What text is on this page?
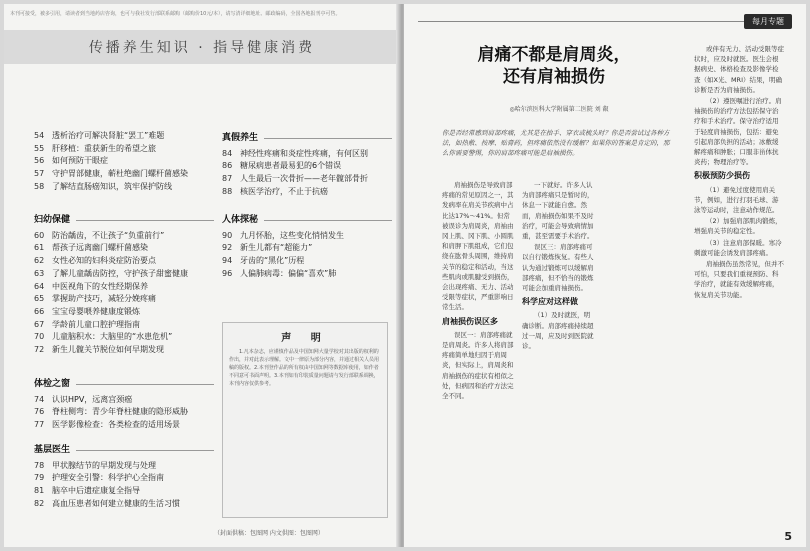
本刊可接受，被多引用，请读者到当地药店咨询，也可与我社发行部联系邮购（邮购价10元/本），请写清详细地址、邮政编码，全国各地报刊亭可售。
传播养生知识 · 指导健康消费
54 透析治疗可解决肾脏“罢工”难题
55 肝移植：重获新生的希望之旅
56 如何预防干眼症
57 守护胃部健康，蕲杜绝幽门螺杆菌感染
58 了解结直肠癌知识，筑牢保护防线
妇幼保健
60 防治龋齿，不让孩子“负重前行”
61 帮孩子远离幽门螺杆菌感染
62 女性必知的妇科炎症防治要点
63 了解儿童龋齿防控，守护孩子甜蜜健康
64 中医视角下的女性经期保养
65 掌握助产技巧，减轻分娩疼痛
66 宝宝母婴喂养健康度锻炼
67 学龄前儿童口腔护理指南
70 儿童脑积水：大脑里的“水患危机”
72 新生儿髋关节脱位如何早期发现
体检之窗
74 认识HPV，远离宫颈癌
76 脊柱侧弯：青少年脊柱健康的隐形威胁
77 医学影像检查：各类检查的适用场景
基层医生
78 甲状腺结节的早期发现与处理
79 护理安全引警：科学护心全指南
81 脑卒中后遗症康复全指导
82 高血压患者如何建立健康的生活习惯
真假养生
84 神经性疼痛和炎症性疼痛，有何区别
86 糖尿病患者最易犯的6个错误
87 人生最后一次骨折——老年髋部骨折
88 核医学治疗，不止于抗癌
人体探秘
90 九月怀胎，这些变化悄悄发生
92 新生儿都有“超能力”
94 牙齿的“黑化”历程
96 人偏肺病毒：偏偏“喜欢”肺
声 明

1.凡本杂志，应谨慎作品及中国知网大量学校对其出版的权利的作出，并对此表示理解。文中一律原为部分内容，并通过相关人员用稿的版权。2.本刊登作品的所有权由中国知网等数据库使用，如作者不同意可书面声明。3.本刊如有印装质量问题请与发行部联系调换，本刊内容仅供参考。

（封面供稿：包图网 内文供图：包图网）
每月专题
肩痛不都是肩周炎，
还有肩袖损伤
◎哈尔滨医科大学附属第二医院 刘 叡
你是否经常感到肩部疼痛，尤其是在抬手、穿衣或梳头时？你是否尝试过各种方法，如热敷、按摩、贴膏药，但疼痛依然没有缓解？如果你的答案是肯定的，那么你需要警惕，你的肩部疼痛可能是肩袖损伤。

肩袖损伤是导致肩部疼痛的常见原因之一，其发病率在肩关节疾病中占比达17%～41%。但常被误诊为肩周炎，肩袖由冈上肌、冈下肌、小圆肌和肩胛下肌组成，它们包绕在肱骨头周围，维持肩关节的稳定和活动，当这些肌肉或肌腱受到损伤，会出现疼痛、无力、活动受限等症状，严重影响日常生活。

肩袖损伤误区多

误区一：肩部疼痛就是肩周炎。许多人将肩部疼痛简单地归因于肩周炎，但实际上，肩周炎和肩袖损伤的症状有相似之处，但病因和治疗方法完全不同。

一下就好。许多人认为肩部疼痛只是暂时的，休息一下就能自愈。然而，肩袖损伤如果不及时治疗，可能会导致病情加重，甚至需要手术治疗。

误区三：肩部疼痛可以自行锻炼恢复。有些人认为通过锻炼可以缓解肩部疼痛，但不恰当的锻炼可能会加重肩袖损伤。

科学应对这样做

（1）及时就医，明确诊断。肩部疼痛持续超过一周，应及时到医院就诊。

或伴有无力、活动受限等症状时，应及时就医。医生会根据病史、体格检查及影像学检查（如X光、MRI）结果，明确诊断是否为肩袖损伤。

（2）遵医嘱进行治疗。肩袖损伤的治疗方法包括保守治疗和手术治疗。保守治疗适用于轻度肩袖损伤，包括：避免引起肩部负担的活动；冰敷缓解疼痛和肿胀；口服非甾体抗炎药；物理治疗等。

积极预防少损伤

（1）避免过度使用肩关节，例如，进行打羽毛球、游泳等运动时，注意动作规范。

（2）加强肩部肌肉锻炼，增强肩关节的稳定性。

（3）注意肩部保暖。寒冷刺激可能会诱发肩部疼痛。

肩袖损伤虽然常见，但并不可怕，只要我们重视预防、科学治疗，就能有效缓解疼痛，恢复肩关节功能。

5
